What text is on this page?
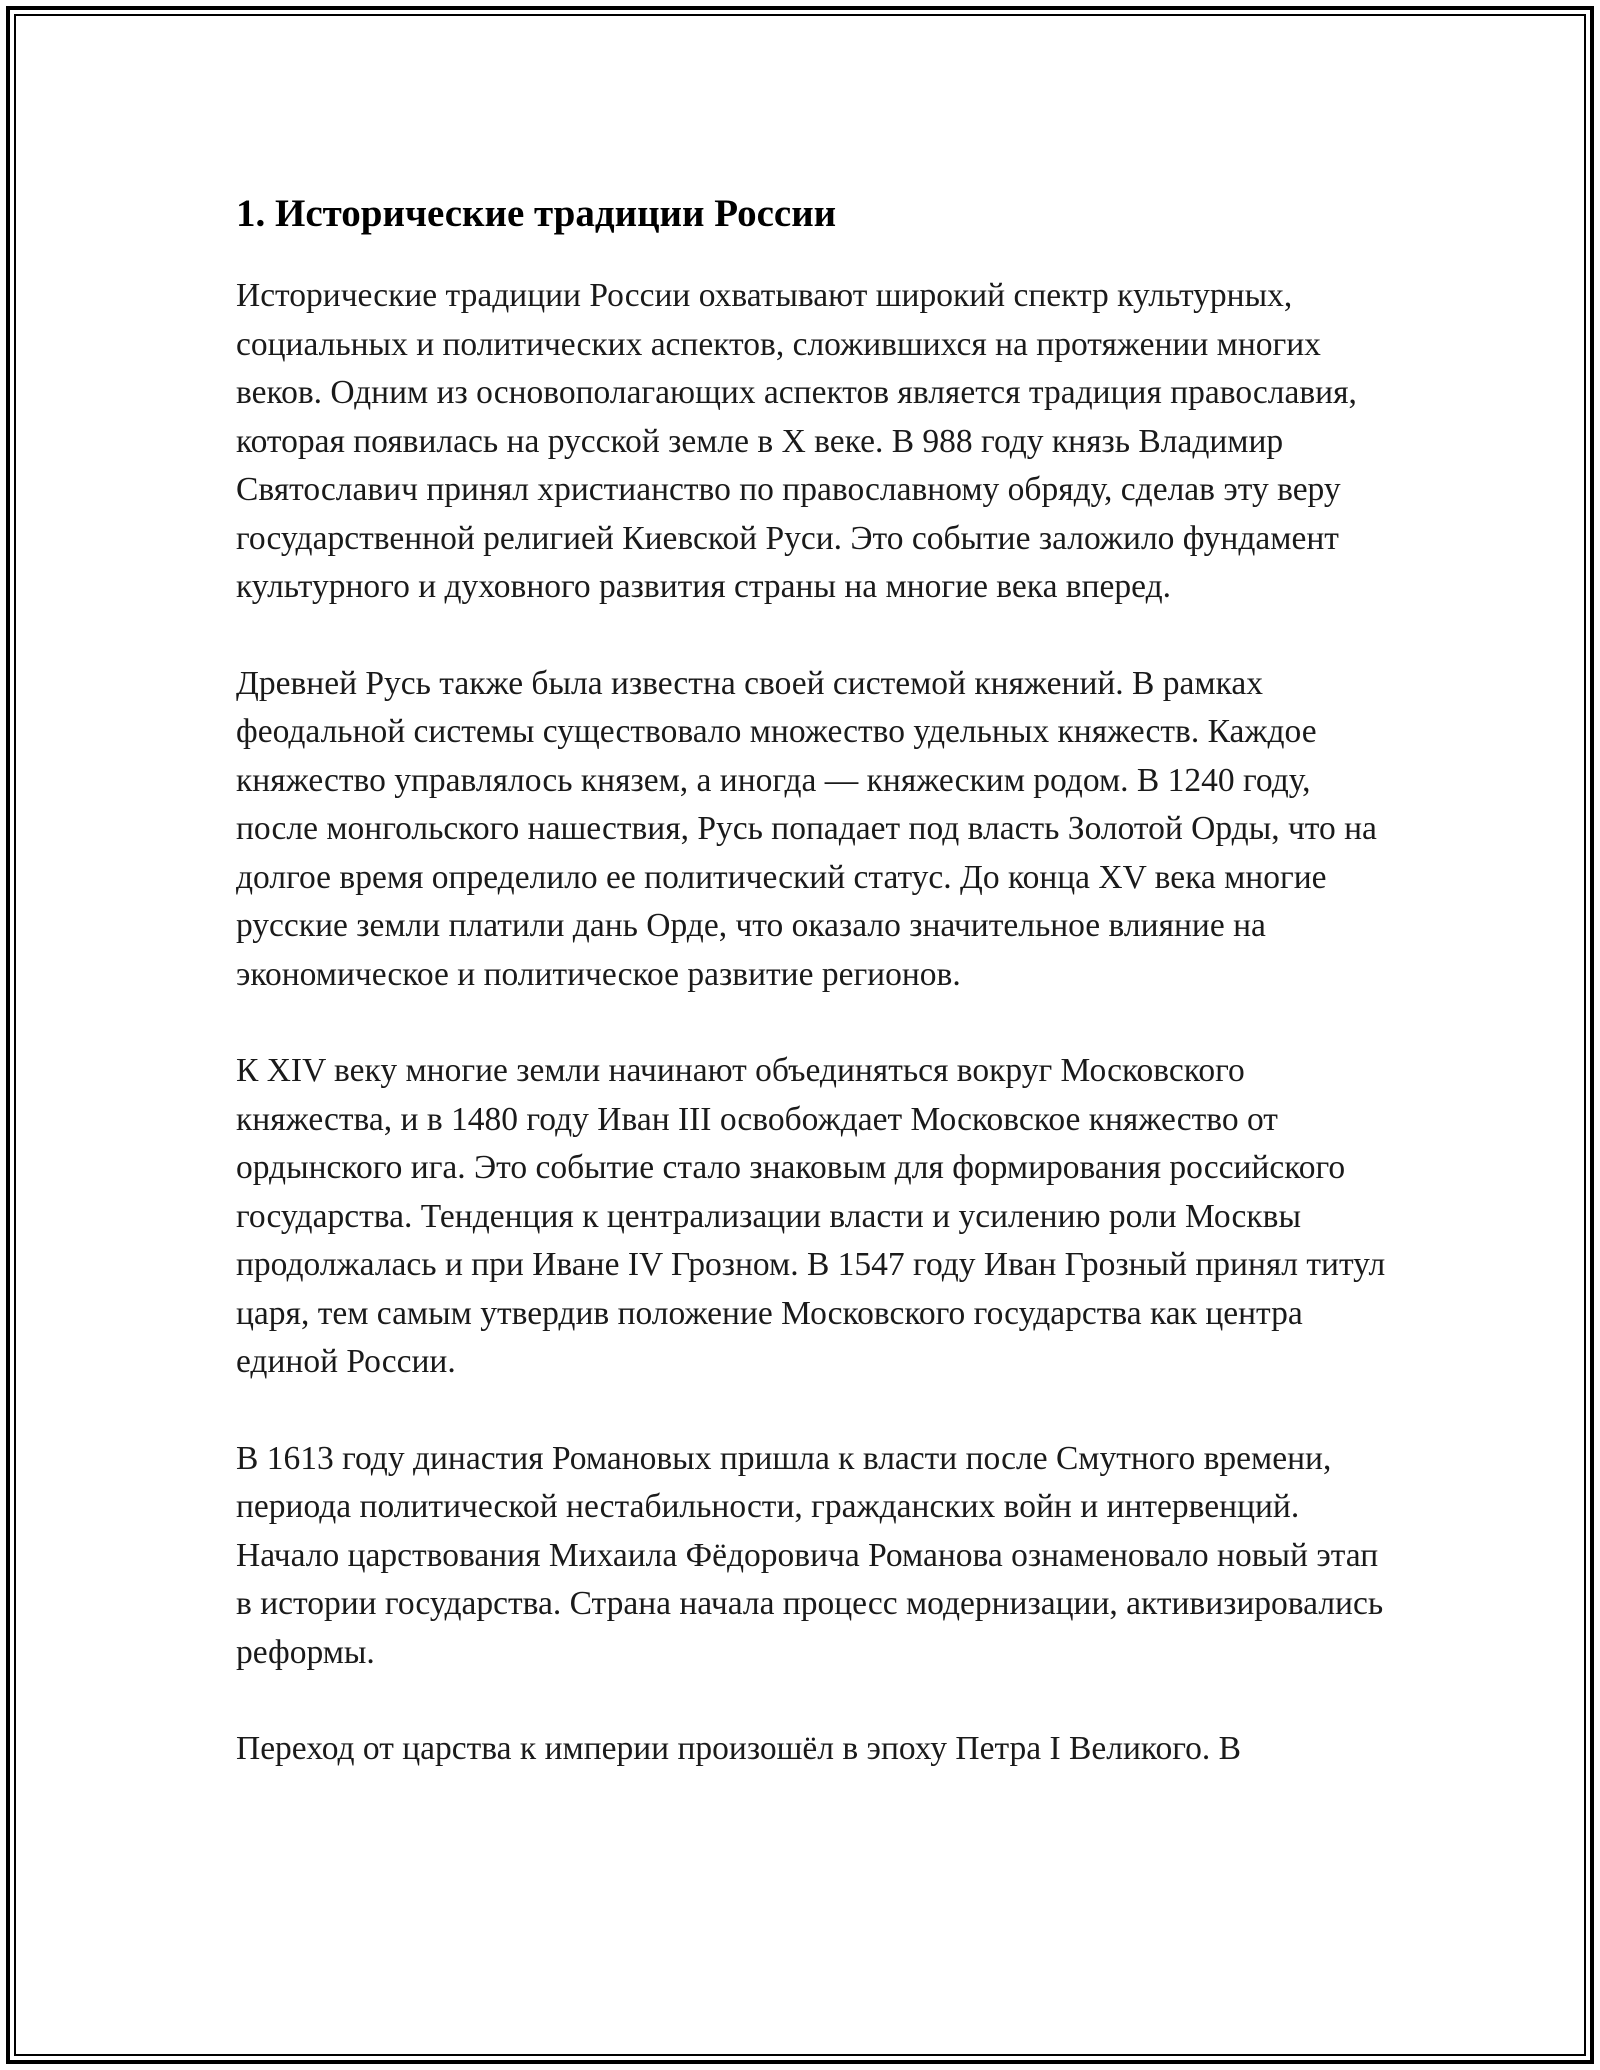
1. Исторические традиции России

Исторические традиции России охватывают широкий спектр культурных, социальных и политических аспектов, сложившихся на протяжении многих веков. Одним из основополагающих аспектов является традиция православия, которая появилась на русской земле в X веке. В 988 году князь Владимир Святославич принял христианство по православному обряду, сделав эту веру государственной религией Киевской Руси. Это событие заложило фундамент культурного и духовного развития страны на многие века вперед.

Древней Русь также была известна своей системой княжений. В рамках феодальной системы существовало множество удельных княжеств. Каждое княжество управлялось князем, а иногда — княжеским родом. В 1240 году, после монгольского нашествия, Русь попадает под власть Золотой Орды, что на долгое время определило ее политический статус. До конца XV века многие русские земли платили дань Орде, что оказало значительное влияние на экономическое и политическое развитие регионов.

К XIV веку многие земли начинают объединяться вокруг Московского княжества, и в 1480 году Иван III освобождает Московское княжество от ордынского ига. Это событие стало знаковым для формирования российского государства. Тенденция к централизации власти и усилению роли Москвы продолжалась и при Иване IV Грозном. В 1547 году Иван Грозный принял титул царя, тем самым утвердив положение Московского государства как центра единой России.

В 1613 году династия Романовых пришла к власти после Смутного времени, периода политической нестабильности, гражданских войн и интервенций. Начало царствования Михаила Фёдоровича Романова ознаменовало новый этап в истории государства. Страна начала процесс модернизации, активизировались реформы.

Переход от царства к империи произошёл в эпоху Петра I Великого. В
